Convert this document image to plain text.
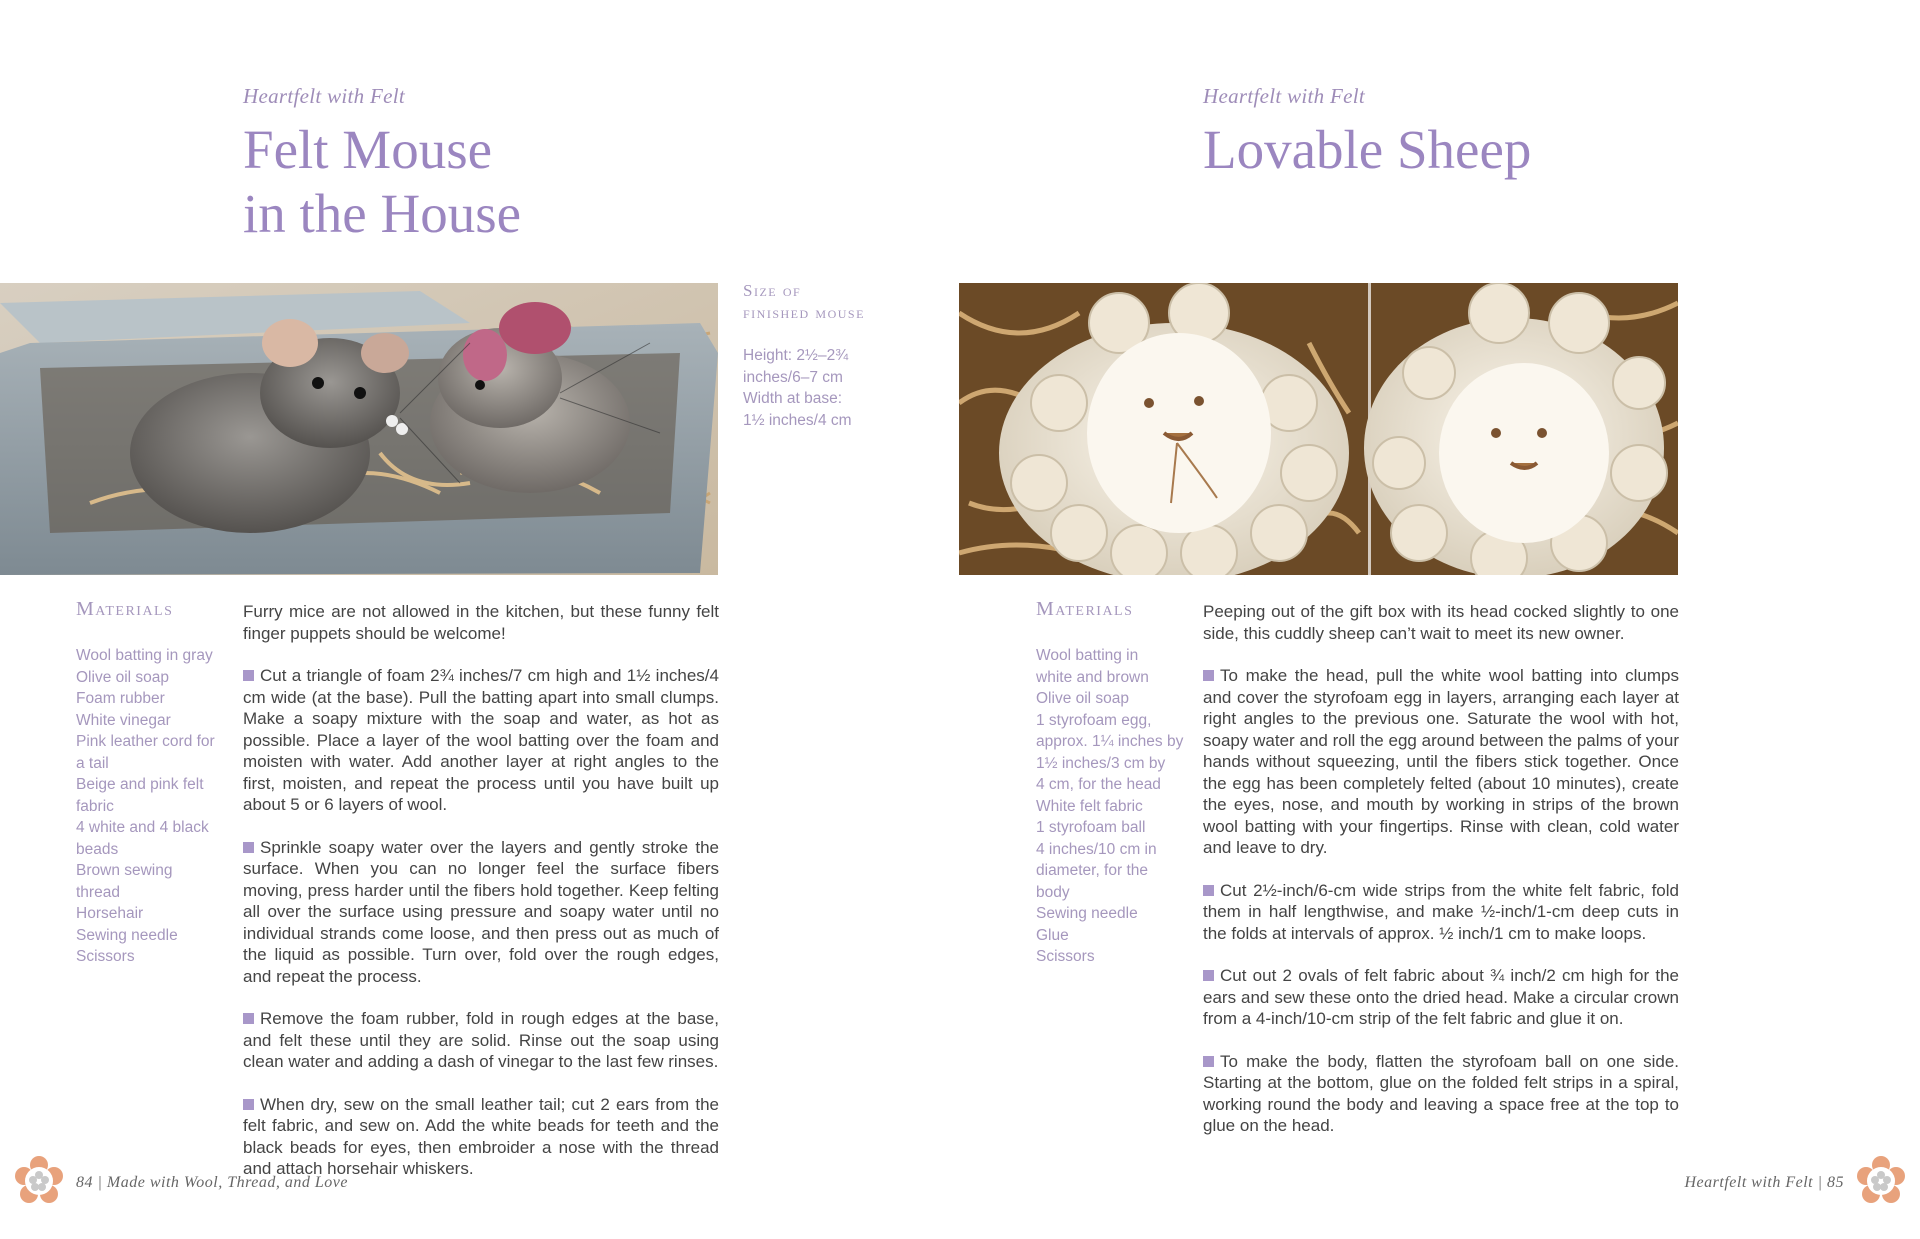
Heartfelt with Felt
Felt Mouse
in the House
Size of
finished mouse
Height: 2½–2¾
inches/6–7 cm
Width at base:
1½ inches/4 cm
Materials
Wool batting in gray
Olive oil soap
Foam rubber
White vinegar
Pink leather cord for
a tail
Beige and pink felt
fabric
4 white and 4 black
beads
Brown sewing
thread
Horsehair
Sewing needle
Scissors

Furry mice are not allowed in the kitchen, but these funny felt finger puppets should be welcome!

Cut a triangle of foam 2¾ inches/7 cm high and 1½ inches/4 cm wide (at the base). Pull the batting apart into small clumps. Make a soapy mixture with the soap and water, as hot as possible. Place a layer of the wool batting over the foam and moisten with water. Add another layer at right angles to the first, moisten, and repeat the process until you have built up about 5 or 6 layers of wool.

Sprinkle soapy water over the layers and gently stroke the surface. When you can no longer feel the surface fibers moving, press harder until the fibers hold together. Keep felting all over the surface using pressure and soapy water until no individual strands come loose, and then press out as much of the liquid as possible. Turn over, fold over the rough edges, and repeat the process.

Remove the foam rubber, fold in rough edges at the base, and felt these until they are solid. Rinse out the soap using clean water and adding a dash of vinegar to the last few rinses.

When dry, sew on the small leather tail; cut 2 ears from the felt fabric, and sew on. Add the white beads for teeth and the black beads for eyes, then embroider a nose with the thread and attach horsehair whiskers.

84 | Made with Wool, Thread, and Love
Heartfelt with Felt
Lovable Sheep
Materials
Wool batting in
white and brown
Olive oil soap
1 styrofoam egg,
approx. 1¼ inches by
1½ inches/3 cm by
4 cm, for the head
White felt fabric
1 styrofoam ball
4 inches/10 cm in
diameter, for the
body
Sewing needle
Glue
Scissors

Peeping out of the gift box with its head cocked slightly to one side, this cuddly sheep can’t wait to meet its new owner.

To make the head, pull the white wool batting into clumps and cover the styrofoam egg in layers, arranging each layer at right angles to the previous one. Saturate the wool with hot, soapy water and roll the egg around between the palms of your hands without squeezing, until the fibers stick together. Once the egg has been completely felted (about 10 minutes), create the eyes, nose, and mouth by working in strips of the brown wool batting with your fingertips. Rinse with clean, cold water and leave to dry.

Cut 2½-inch/6-cm wide strips from the white felt fabric, fold them in half lengthwise, and make ½-inch/1-cm deep cuts in the folds at intervals of approx. ½ inch/1 cm to make loops.

Cut out 2 ovals of felt fabric about ¾ inch/2 cm high for the ears and sew these onto the dried head. Make a circular crown from a 4-inch/10-cm strip of the felt fabric and glue it on.

To make the body, flatten the styrofoam ball on one side. Starting at the bottom, glue on the folded felt strips in a spiral, working round the body and leaving a space free at the top to glue on the head.

Heartfelt with Felt | 85
